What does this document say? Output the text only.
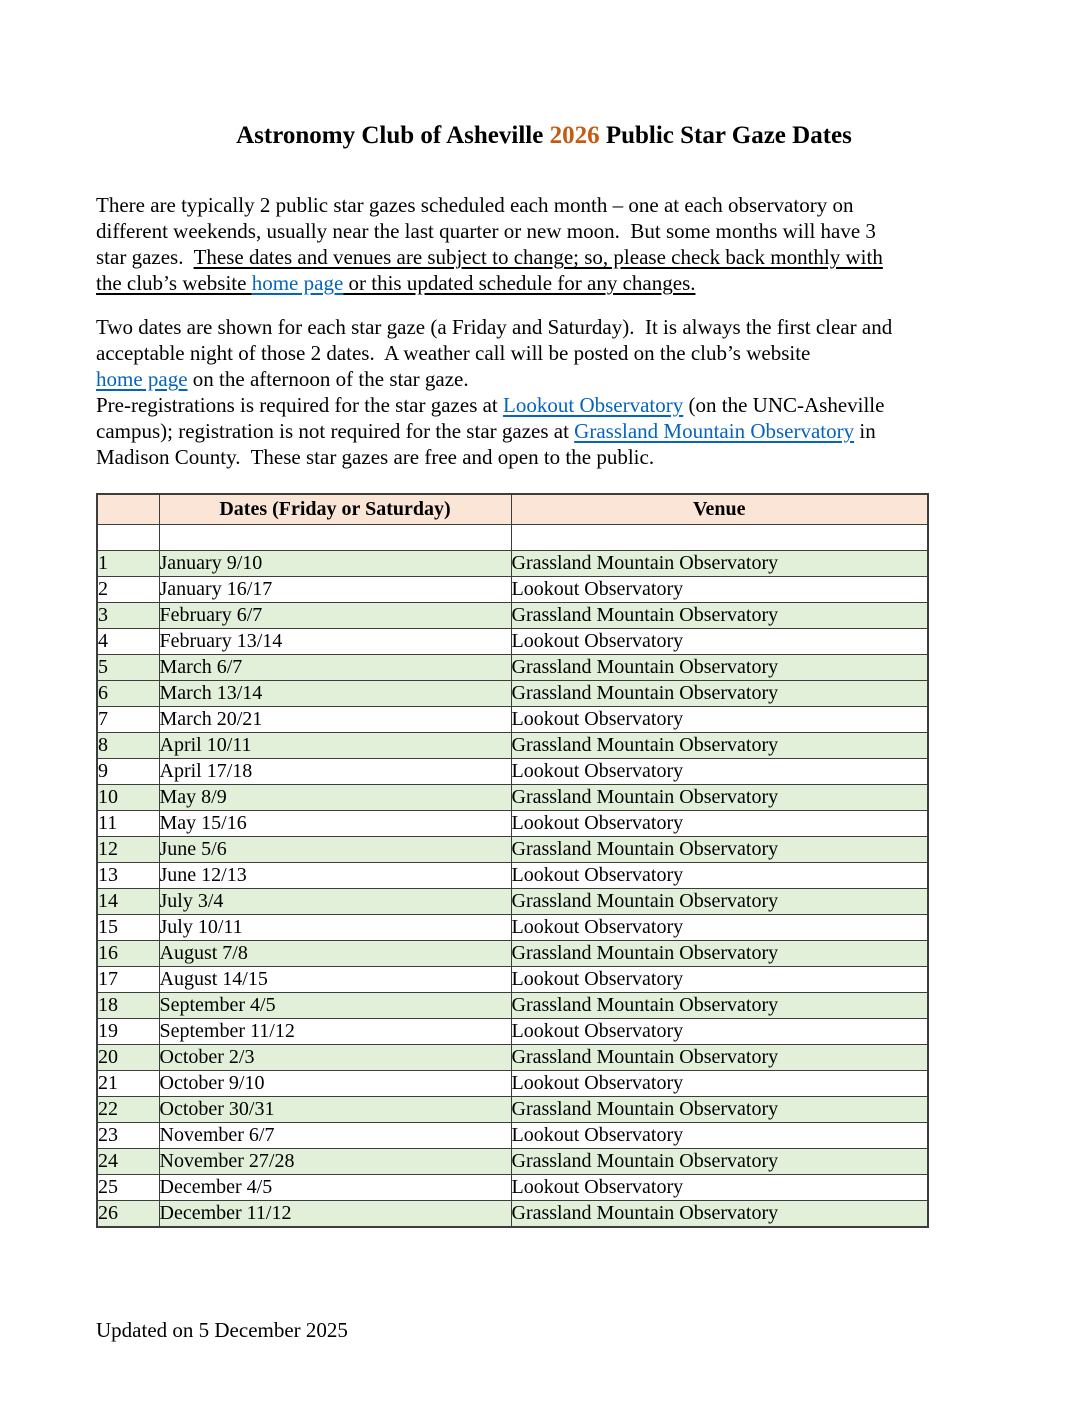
Astronomy Club of Asheville 2026 Public Star Gaze Dates

There are typically 2 public star gazes scheduled each month – one at each observatory on
different weekends, usually near the last quarter or new moon.  But some months will have 3
star gazes.  These dates and venues are subject to change; so, please check back monthly with
the club’s website home page or this updated schedule for any changes.

Two dates are shown for each star gaze (a Friday and Saturday).  It is always the first clear and
acceptable night of those 2 dates.  A weather call will be posted on the club’s website
home page on the afternoon of the star gaze.
Pre-registrations is required for the star gazes at Lookout Observatory (on the UNC-Asheville
campus); registration is not required for the star gazes at Grassland Mountain Observatory in
Madison County.  These star gazes are free and open to the public.

	Dates (Friday or Saturday)	Venue

1	January 9/10	Grassland Mountain Observatory
2	January 16/17	Lookout Observatory
3	February 6/7	Grassland Mountain Observatory
4	February 13/14	Lookout Observatory
5	March 6/7	Grassland Mountain Observatory
6	March 13/14	Grassland Mountain Observatory
7	March 20/21	Lookout Observatory
8	April 10/11	Grassland Mountain Observatory
9	April 17/18	Lookout Observatory
10	May 8/9	Grassland Mountain Observatory
11	May 15/16	Lookout Observatory
12	June 5/6	Grassland Mountain Observatory
13	June 12/13	Lookout Observatory
14	July 3/4	Grassland Mountain Observatory
15	July 10/11	Lookout Observatory
16	August 7/8	Grassland Mountain Observatory
17	August 14/15	Lookout Observatory
18	September 4/5	Grassland Mountain Observatory
19	September 11/12	Lookout Observatory
20	October 2/3	Grassland Mountain Observatory
21	October 9/10	Lookout Observatory
22	October 30/31	Grassland Mountain Observatory
23	November 6/7	Lookout Observatory
24	November 27/28	Grassland Mountain Observatory
25	December 4/5	Lookout Observatory
26	December 11/12	Grassland Mountain Observatory
Updated on 5 December 2025
